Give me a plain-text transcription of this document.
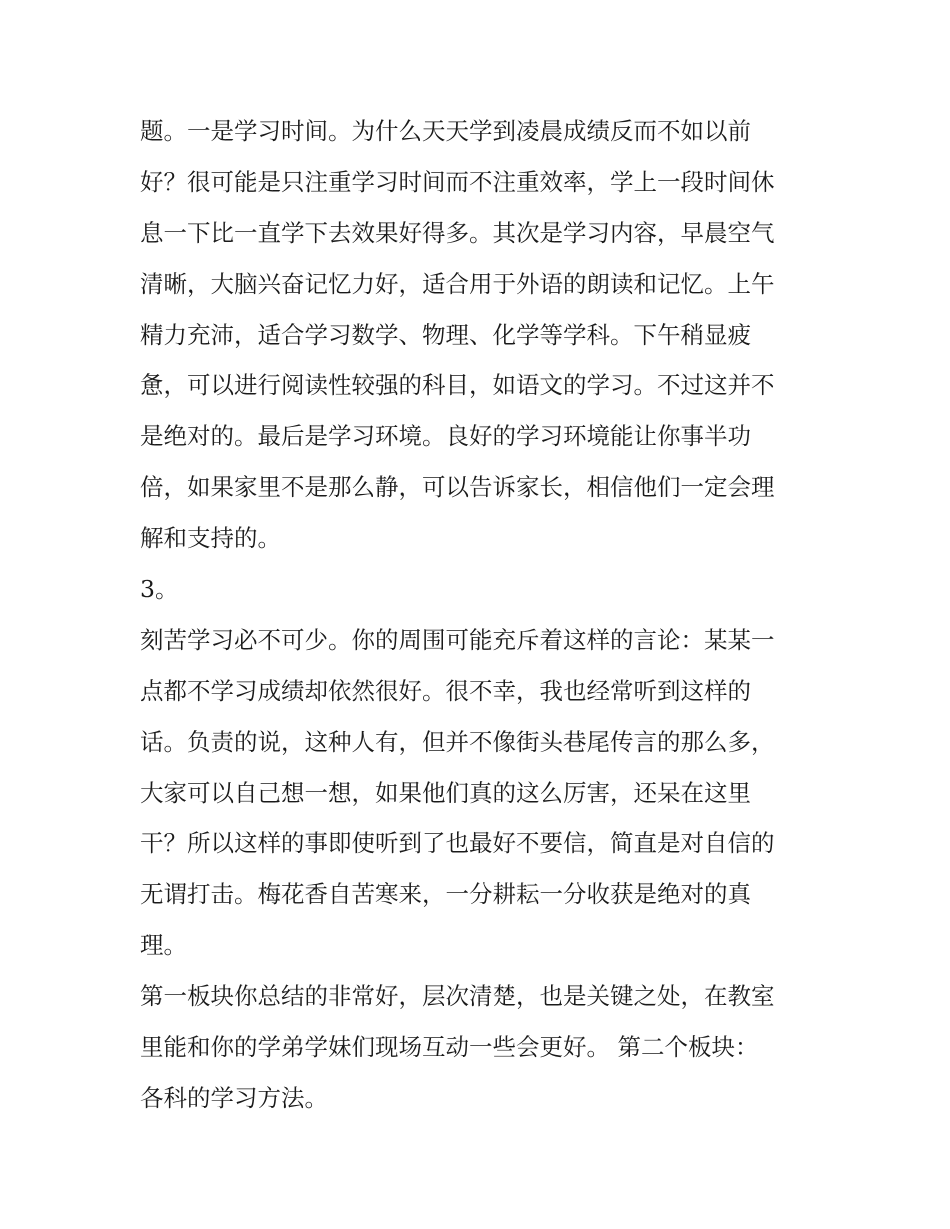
题。一是学习时间。为什么天天学到凌晨成绩反而不如以前
好？很可能是只注重学习时间而不注重效率，学上一段时间休
息一下比一直学下去效果好得多。其次是学习内容，早晨空气
清晰，大脑兴奋记忆力好，适合用于外语的朗读和记忆。上午
精力充沛，适合学习数学、物理、化学等学科。下午稍显疲
惫，可以进行阅读性较强的科目，如语文的学习。不过这并不
是绝对的。最后是学习环境。良好的学习环境能让你事半功
倍，如果家里不是那么静，可以告诉家长，相信他们一定会理
解和支持的。
3。
刻苦学习必不可少。你的周围可能充斥着这样的言论：某某一
点都不学习成绩却依然很好。很不幸，我也经常听到这样的
话。负责的说，这种人有，但并不像街头巷尾传言的那么多，
大家可以自己想一想，如果他们真的这么厉害，还呆在这里
干？所以这样的事即使听到了也最好不要信，简直是对自信的
无谓打击。梅花香自苦寒来，一分耕耘一分收获是绝对的真
理。
第一板块你总结的非常好，层次清楚，也是关键之处，在教室
里能和你的学弟学妹们现场互动一些会更好。 第二个板块：
各科的学习方法。
